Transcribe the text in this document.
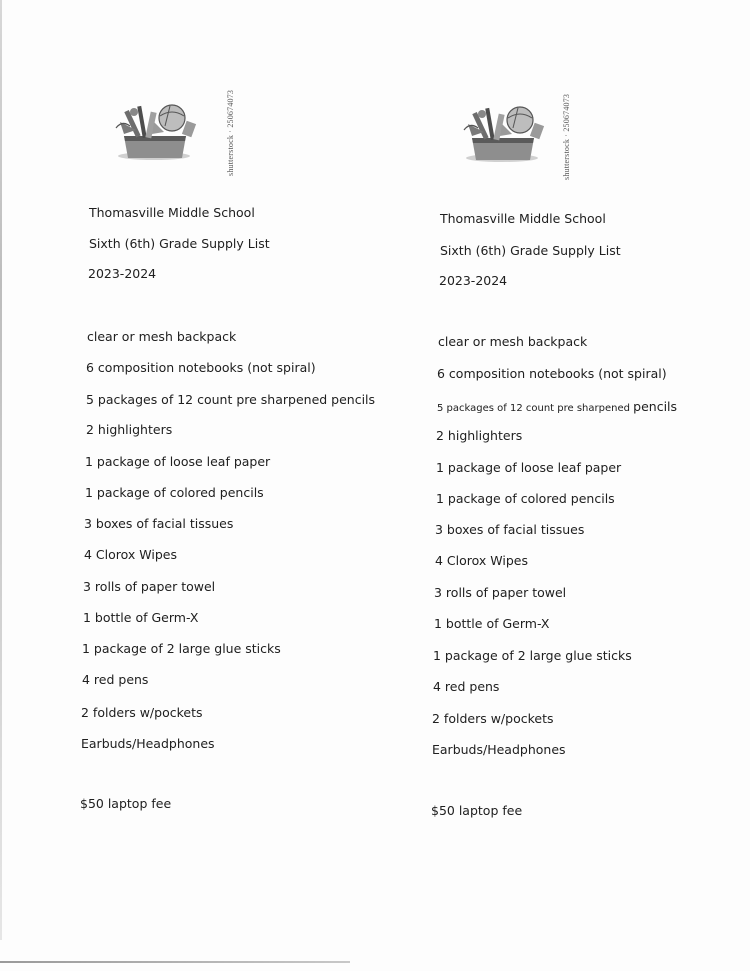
shutterstock · 250674073
Thomasville Middle School
Sixth (6th) Grade Supply List
2023-2024
clear or mesh backpack
6 composition notebooks (not spiral)
5 packages of 12 count pre sharpened pencils
2 highlighters
1 package of loose leaf paper
1 package of colored pencils
3 boxes of facial tissues
4 Clorox Wipes
3 rolls of paper towel
1 bottle of Germ-X
1 package of 2 large glue sticks
4 red pens
2 folders w/pockets
Earbuds/Headphones
$50 laptop fee
shutterstock · 250674073
Thomasville Middle School
Sixth (6th) Grade Supply List
2023-2024
clear or mesh backpack
6 composition notebooks (not spiral)
5 packages of 12 count pre sharpened pencils
2 highlighters
1 package of loose leaf paper
1 package of colored pencils
3 boxes of facial tissues
4 Clorox Wipes
3 rolls of paper towel
1 bottle of Germ-X
1 package of 2 large glue sticks
4 red pens
2 folders w/pockets
Earbuds/Headphones
$50 laptop fee
